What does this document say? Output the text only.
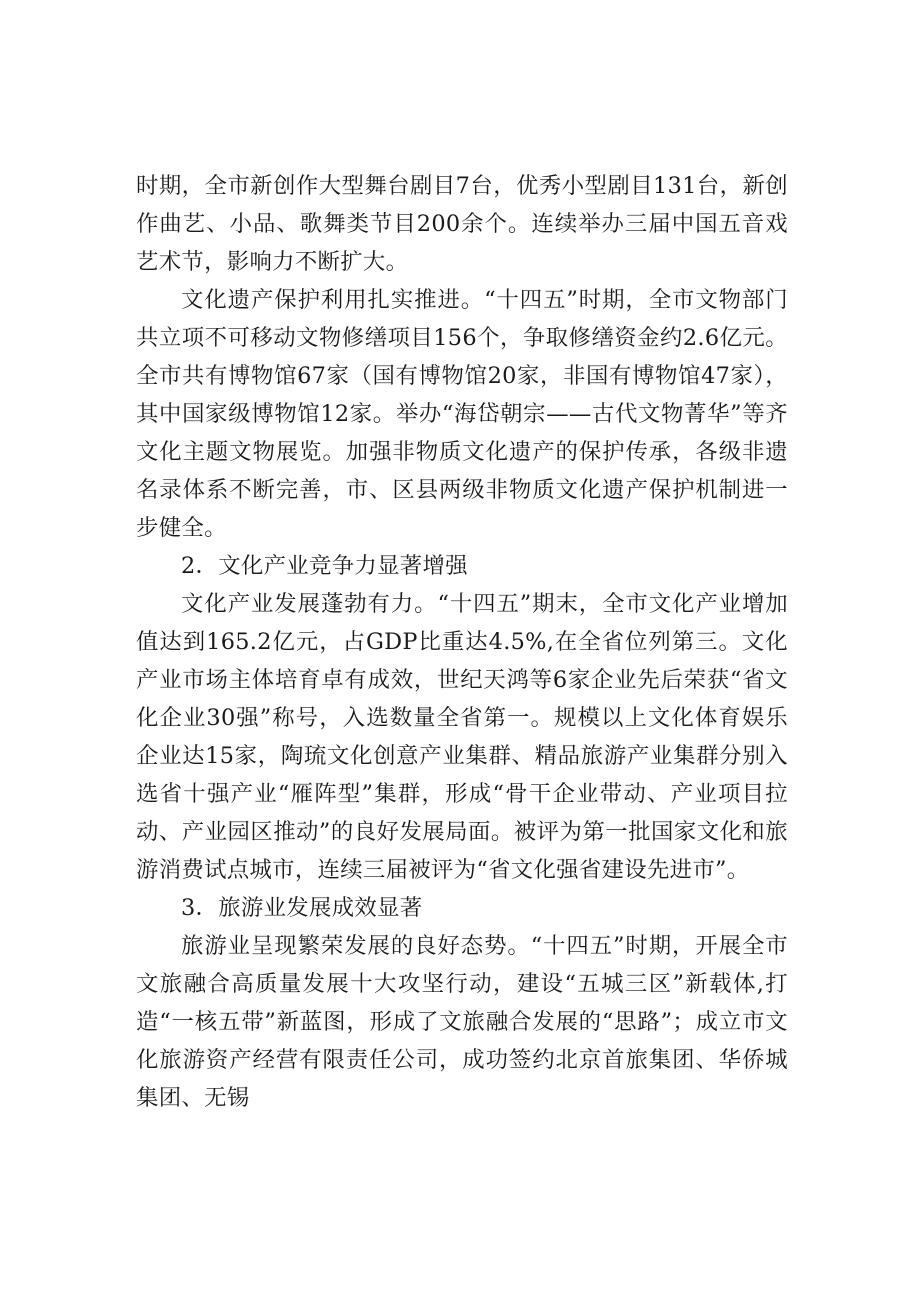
时期，全市新创作大型舞台剧目7台，优秀小型剧目131台，新创作曲艺、小品、歌舞类节目200余个。连续举办三届中国五音戏艺术节，影响力不断扩大。

文化遗产保护利用扎实推进。“十四五”时期，全市文物部门共立项不可移动文物修缮项目156个，争取修缮资金约2.6亿元。全市共有博物馆67家（国有博物馆20家，非国有博物馆47家），其中国家级博物馆12家。举办“海岱朝宗——古代文物菁华”等齐文化主题文物展览。加强非物质文化遗产的保护传承，各级非遗名录体系不断完善，市、区县两级非物质文化遗产保护机制进一步健全。

2．文化产业竞争力显著增强

文化产业发展蓬勃有力。“十四五”期末，全市文化产业增加值达到165.2亿元，占GDP比重达4.5%,在全省位列第三。文化产业市场主体培育卓有成效，世纪天鸿等6家企业先后荣获“省文化企业30强”称号，入选数量全省第一。规模以上文化体育娱乐企业达15家，陶琉文化创意产业集群、精品旅游产业集群分别入选省十强产业“雁阵型”集群，形成“骨干企业带动、产业项目拉动、产业园区推动”的良好发展局面。被评为第一批国家文化和旅游消费试点城市，连续三届被评为“省文化强省建设先进市”。

3．旅游业发展成效显著

旅游业呈现繁荣发展的良好态势。“十四五”时期，开展全市文旅融合高质量发展十大攻坚行动，建设“五城三区”新载体,打造“一核五带”新蓝图，形成了文旅融合发展的“思路”；成立市文化旅游资产经营有限责任公司，成功签约北京首旅集团、华侨城集团、无锡
